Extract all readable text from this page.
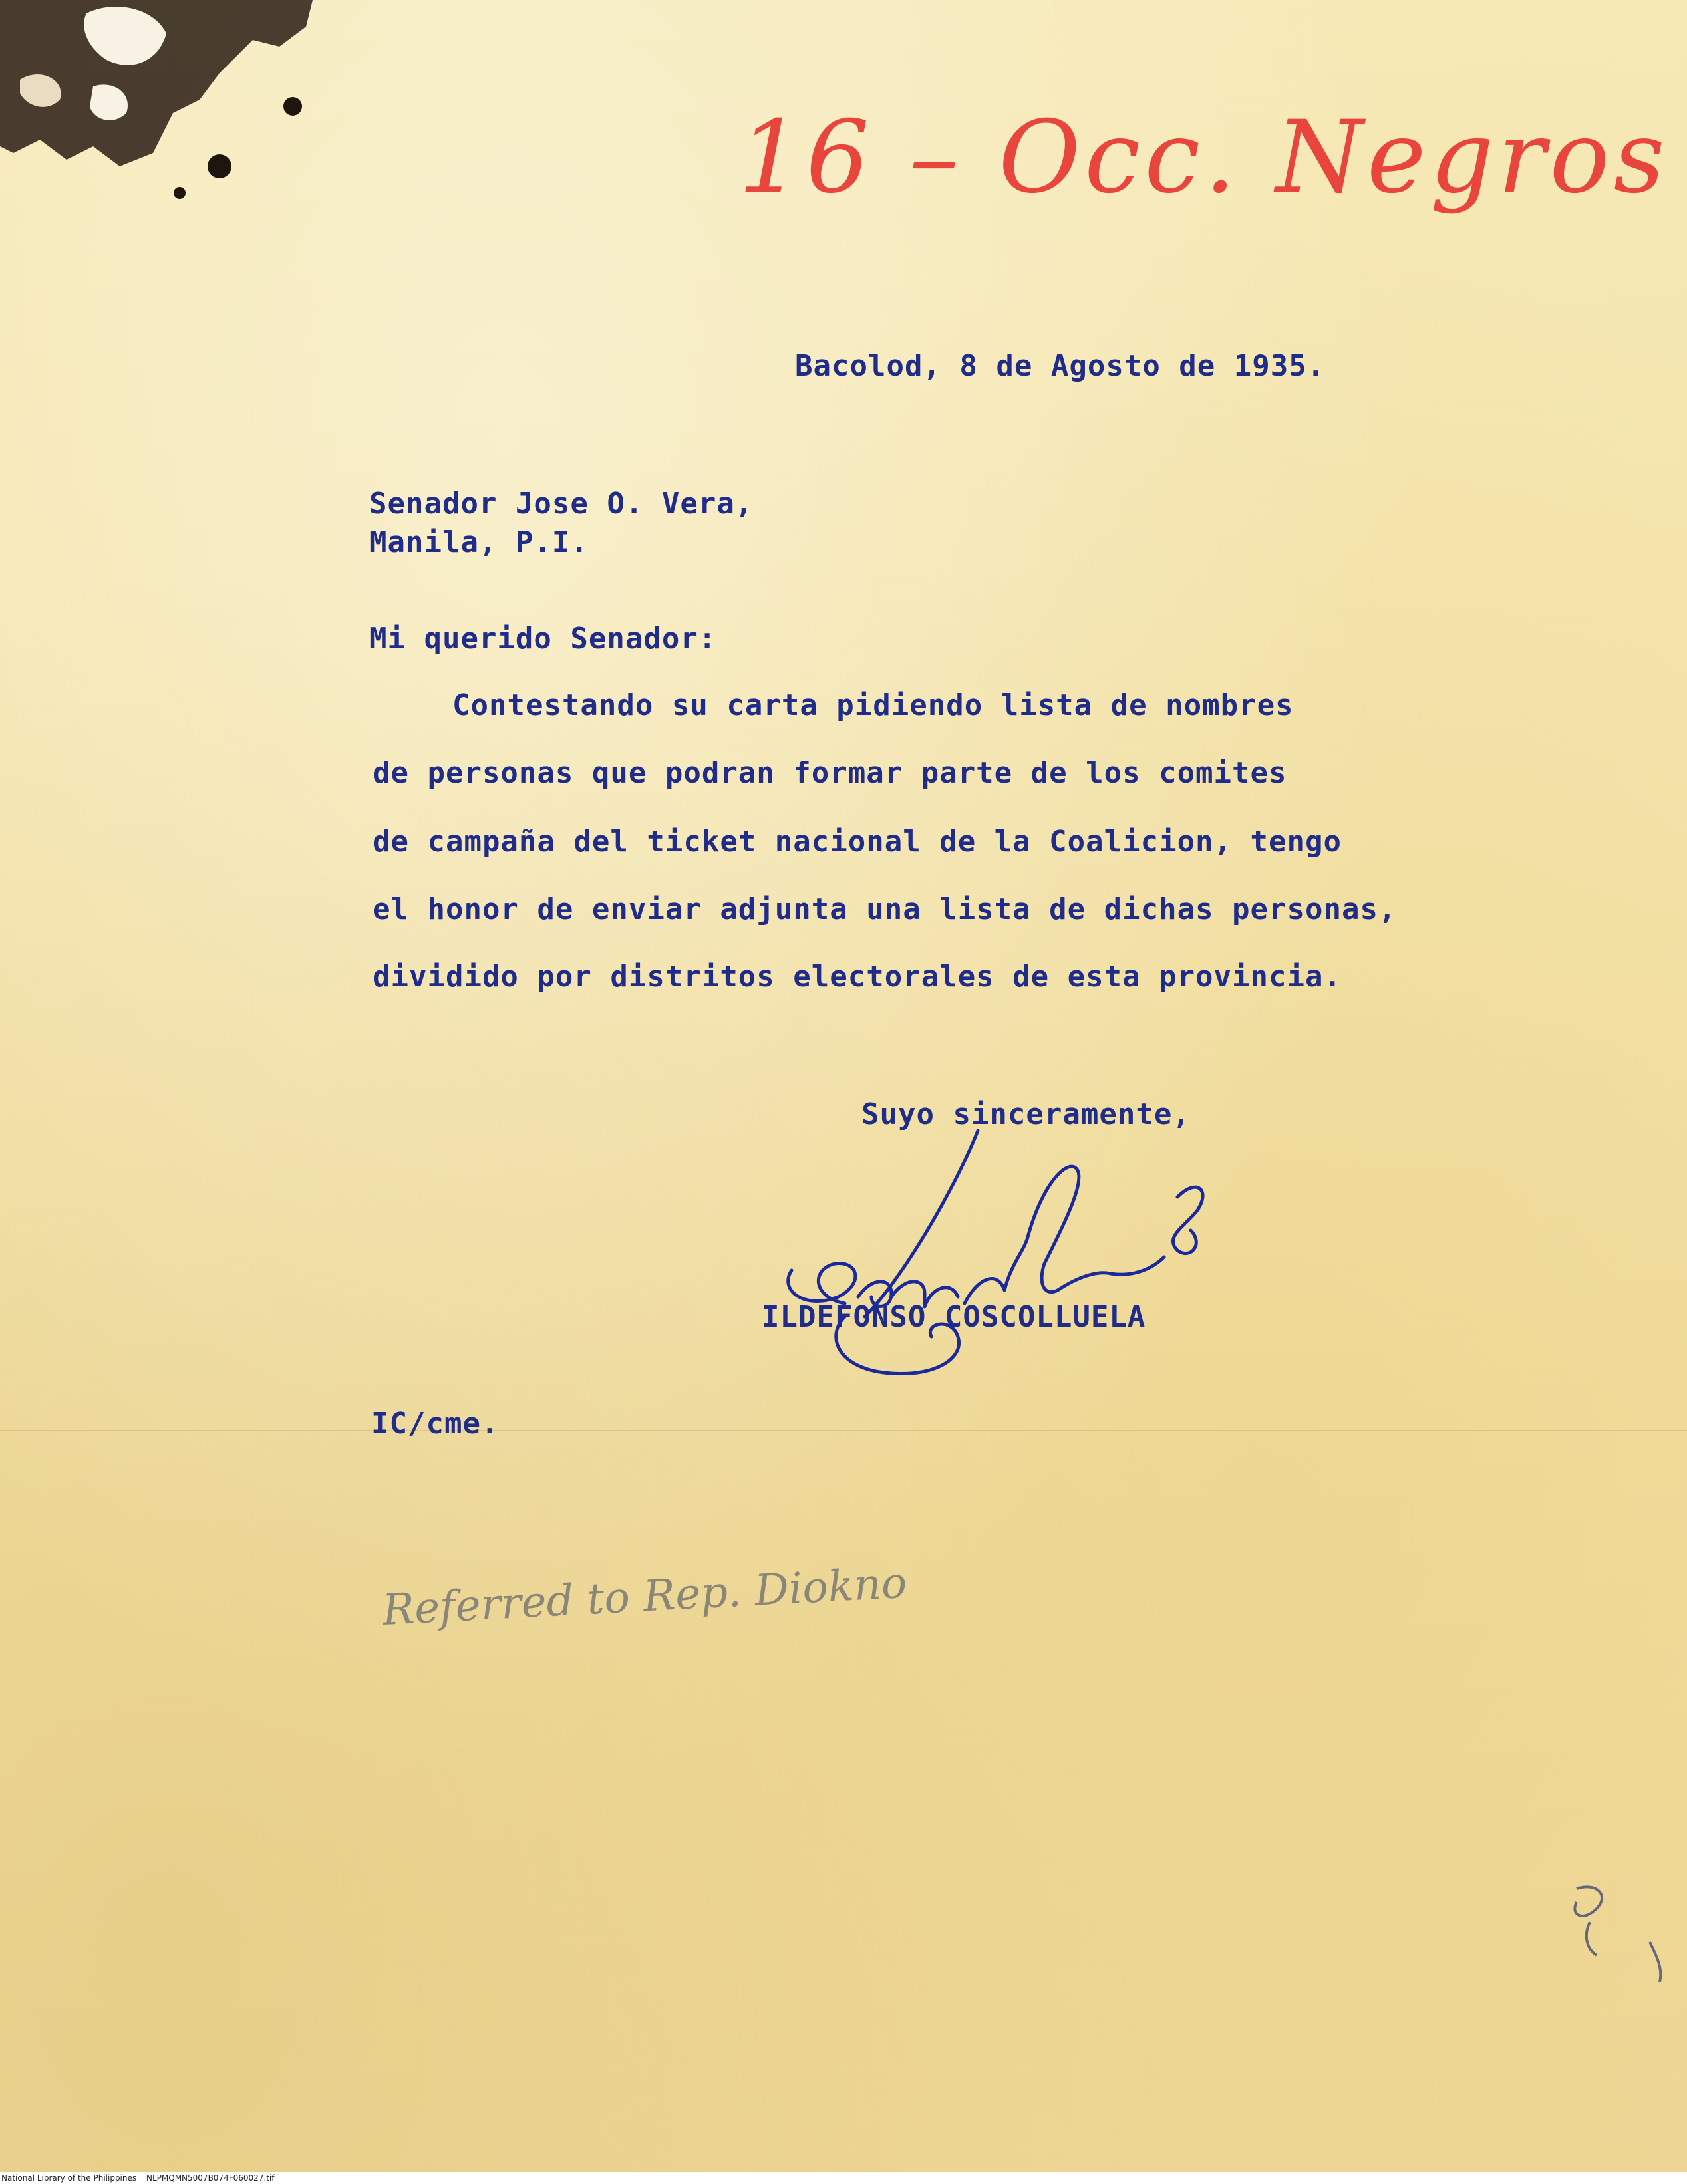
16 – Occ. Negros
Bacolod, 8 de Agosto de 1935.
Senador Jose O. Vera,
Manila, P.I.
Mi querido Senador:
Contestando su carta pidiendo lista de nombres
de personas que podran formar parte de los comites
de campaña del ticket nacional de la Coalicion, tengo
el honor de enviar adjunta una lista de dichas personas,
dividido por distritos electorales de esta provincia.
Suyo sinceramente,
ILDEFONSO COSCOLLUELA
IC/cme.
Referred to Rep. Diokno

National Library of the Philippines

NLPMQMN5007B074F060027.tif
